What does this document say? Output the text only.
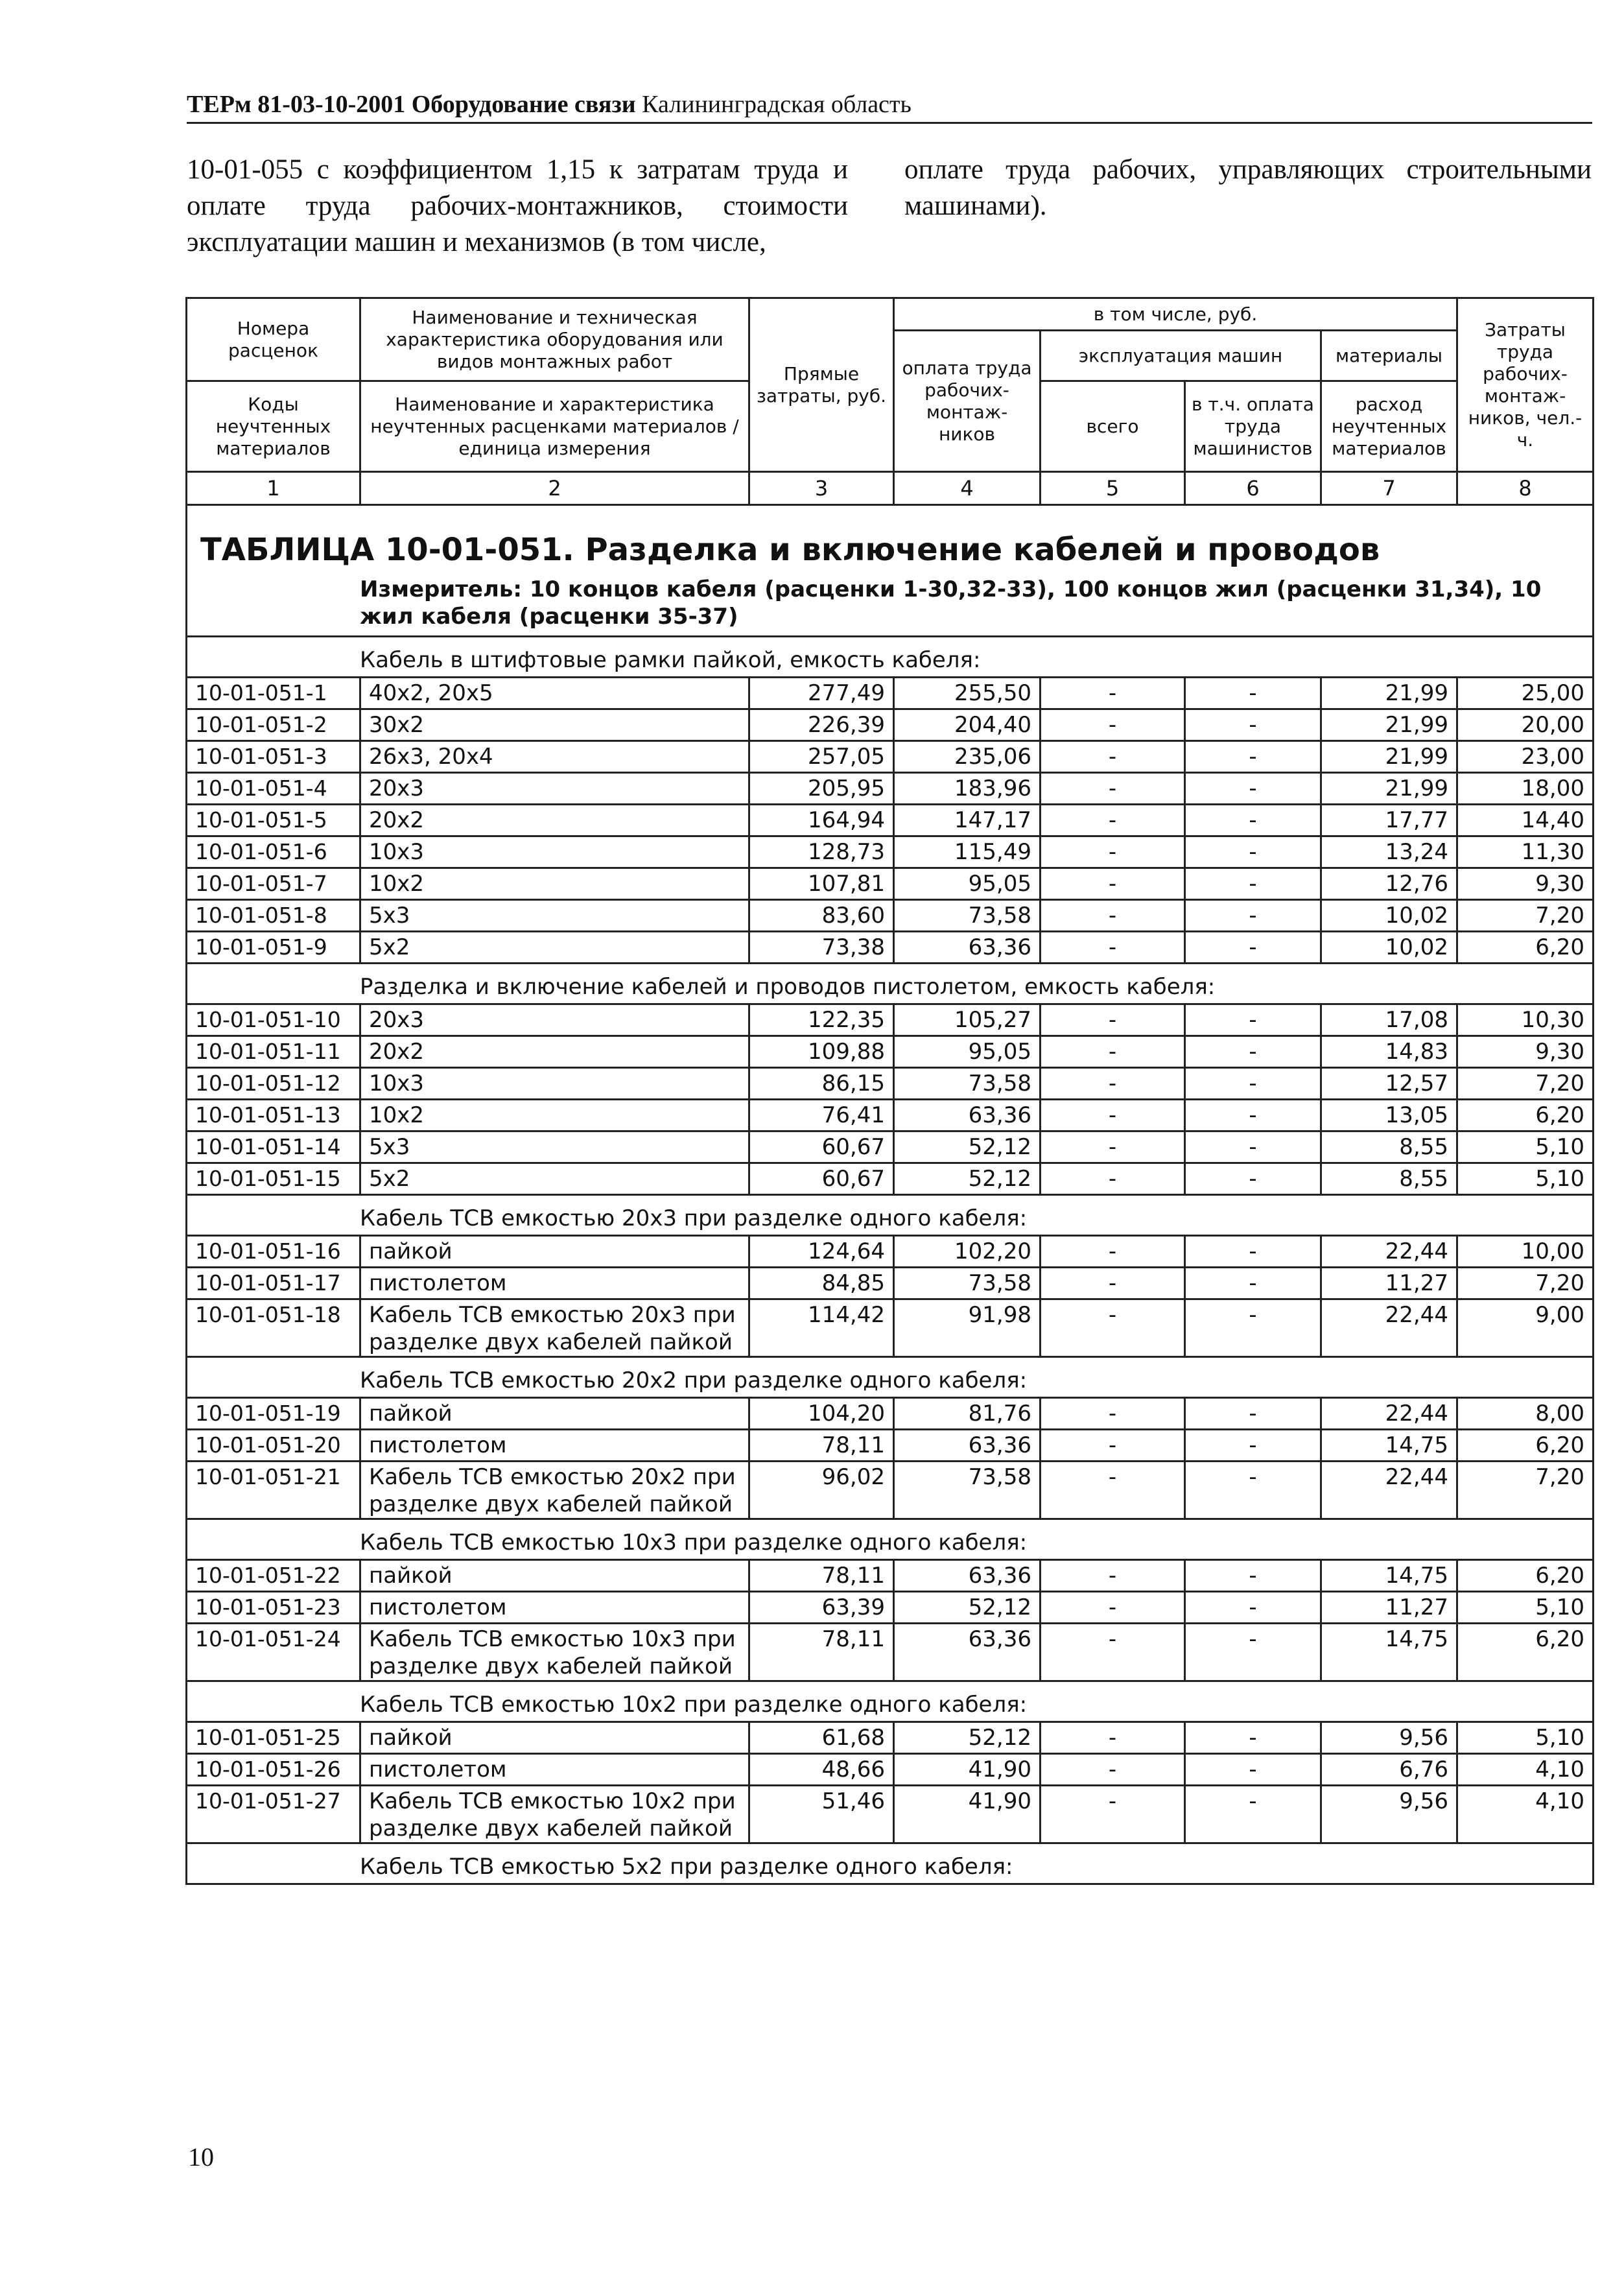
ТЕРм 81-03-10-2001 Оборудование связи Калининградская область

10-01-055 с коэффициентом 1,15 к затратам труда и оплате труда рабочих-монтажников, стоимости эксплуатации машин и механизмов (в том числе,

оплате труда рабочих, управляющих строительными машинами).

Номера расценок	Наименование и техническая характеристика оборудования или видов монтажных работ	Прямые затраты, руб.	в том числе, руб.				Затраты труда рабочих-монтаж-ников, чел.-ч.
			оплата труда рабочих-монтаж-ников	эксплуатация машин		материалы	
Коды неучтенных материалов	Наименование и характеристика неучтенных расценками материалов / единица измерения			всего	в т.ч. оплата труда машинистов	расход неучтенных материалов	

1	2	3	4	5	6	7	8

ТАБЛИЦА 10-01-051. Разделка и включение кабелей и проводов
Измеритель: 10 концов кабеля (расценки 1-30,32-33), 100 концов жил (расценки 31,34), 10 жил кабеля (расценки 35-37)							

Кабель в штифтовые рамки пайкой, емкость кабеля:							

10-01-051-1	40х2, 20х5	277,49	255,50	-	-	21,99	25,00
10-01-051-2	30х2	226,39	204,40	-	-	21,99	20,00
10-01-051-3	26х3, 20х4	257,05	235,06	-	-	21,99	23,00
10-01-051-4	20х3	205,95	183,96	-	-	21,99	18,00
10-01-051-5	20х2	164,94	147,17	-	-	17,77	14,40
10-01-051-6	10х3	128,73	115,49	-	-	13,24	11,30
10-01-051-7	10х2	107,81	95,05	-	-	12,76	9,30
10-01-051-8	5х3	83,60	73,58	-	-	10,02	7,20
10-01-051-9	5х2	73,38	63,36	-	-	10,02	6,20

Разделка и включение кабелей и проводов пистолетом, емкость кабеля:							

10-01-051-10	20х3	122,35	105,27	-	-	17,08	10,30
10-01-051-11	20х2	109,88	95,05	-	-	14,83	9,30
10-01-051-12	10х3	86,15	73,58	-	-	12,57	7,20
10-01-051-13	10х2	76,41	63,36	-	-	13,05	6,20
10-01-051-14	5х3	60,67	52,12	-	-	8,55	5,10
10-01-051-15	5х2	60,67	52,12	-	-	8,55	5,10

Кабель ТСВ емкостью 20х3 при разделке одного кабеля:							

10-01-051-16	пайкой	124,64	102,20	-	-	22,44	10,00
10-01-051-17	пистолетом	84,85	73,58	-	-	11,27	7,20
10-01-051-18	Кабель ТСВ емкостью 20х3 при разделке двух кабелей пайкой	114,42	91,98	-	-	22,44	9,00

Кабель ТСВ емкостью 20х2 при разделке одного кабеля:							

10-01-051-19	пайкой	104,20	81,76	-	-	22,44	8,00
10-01-051-20	пистолетом	78,11	63,36	-	-	14,75	6,20
10-01-051-21	Кабель ТСВ емкостью 20х2 при разделке двух кабелей пайкой	96,02	73,58	-	-	22,44	7,20

Кабель ТСВ емкостью 10х3 при разделке одного кабеля:							

10-01-051-22	пайкой	78,11	63,36	-	-	14,75	6,20
10-01-051-23	пистолетом	63,39	52,12	-	-	11,27	5,10
10-01-051-24	Кабель ТСВ емкостью 10х3 при разделке двух кабелей пайкой	78,11	63,36	-	-	14,75	6,20

Кабель ТСВ емкостью 10х2 при разделке одного кабеля:							

10-01-051-25	пайкой	61,68	52,12	-	-	9,56	5,10
10-01-051-26	пистолетом	48,66	41,90	-	-	6,76	4,10
10-01-051-27	Кабель ТСВ емкостью 10х2 при разделке двух кабелей пайкой	51,46	41,90	-	-	9,56	4,10

Кабель ТСВ емкостью 5х2 при разделке одного кабеля:							
10
